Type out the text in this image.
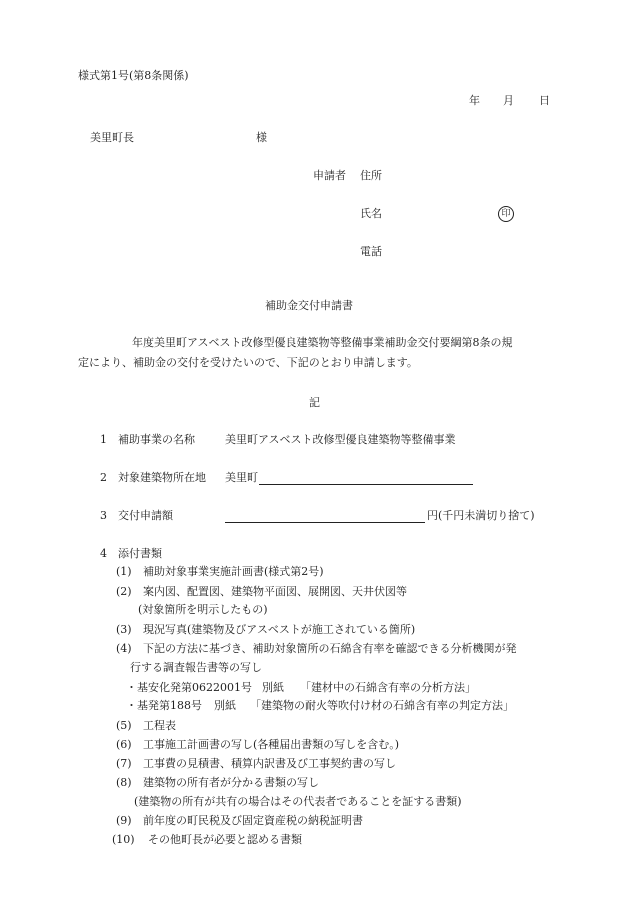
様式第1号(第8条関係)
年 月 日
美里町長	様
申請者 住所
氏名	印
電話
補助金交付申請書
年度美里町アスベスト改修型優良建築物等整備事業補助金交付要綱第8条の規
定により、補助金の交付を受けたいので、下記のとおり申請します。
記
1 補助事業の名称	美里町アスベスト改修型優良建築物等整備事業
2 対象建築物所在地 美里町
3 交付申請額	円(千円未満切り捨て)
4 添付書類
(1) 補助対象事業実施計画書(様式第2号)
(2) 案内図、配置図、建築物平面図、展開図、天井伏図等
(対象箇所を明示したもの)
(3) 現況写真(建築物及びアスベストが施工されている箇所)
(4) 下記の方法に基づき、補助対象箇所の石綿含有率を確認できる分析機関が発
行する調査報告書等の写し
・基安化発第0622001号 別紙 「建材中の石綿含有率の分析方法」
・基発第188号 別紙 「建築物の耐火等吹付け材の石綿含有率の判定方法」
(5) 工程表
(6) 工事施工計画書の写し(各種届出書類の写しを含む。)
(7) 工事費の見積書、積算内訳書及び工事契約書の写し
(8) 建築物の所有者が分かる書類の写し
(建築物の所有が共有の場合はその代表者であることを証する書類)
(9) 前年度の町民税及び固定資産税の納税証明書
(10) その他町長が必要と認める書類
